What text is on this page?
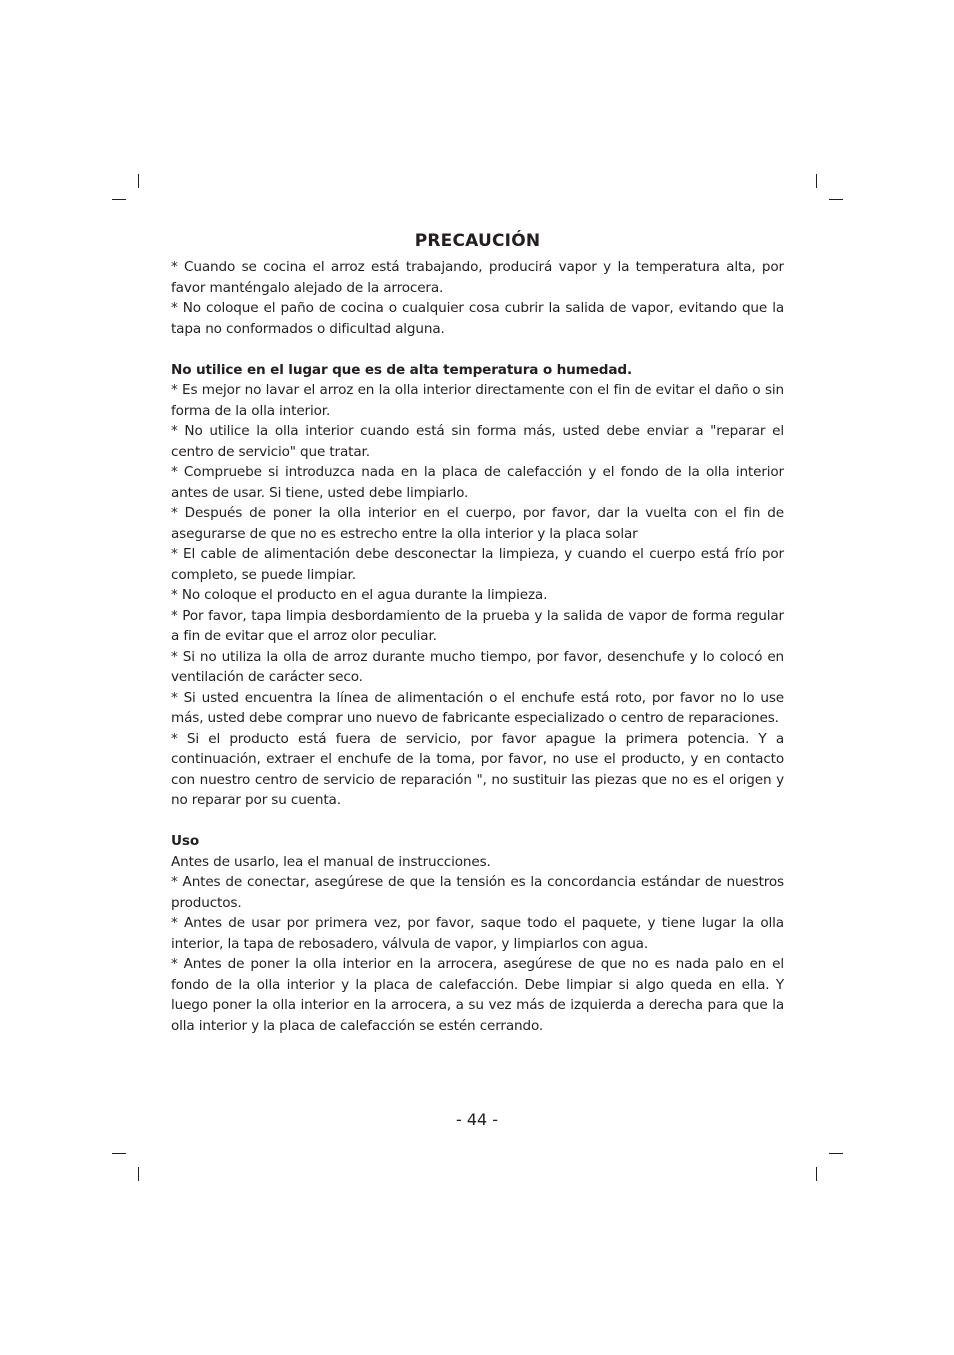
PRECAUCIÓN

* Cuando se cocina el arroz está trabajando, producirá vapor y la temperatura alta, por favor manténgalo alejado de la arrocera.

* No coloque el paño de cocina o cualquier cosa cubrir la salida de vapor, evitando que la tapa no conformados o dificultad alguna.

No utilice en el lugar que es de alta temperatura o humedad.

* Es mejor no lavar el arroz en la olla interior directamente con el fin de evitar el daño o sin forma de la olla interior.

* No utilice la olla interior cuando está sin forma más, usted debe enviar a "reparar el centro de servicio" que tratar.

* Compruebe si introduzca nada en la placa de calefacción y el fondo de la olla interior antes de usar. Si tiene, usted debe limpiarlo.

* Después de poner la olla interior en el cuerpo, por favor, dar la vuelta con el fin de asegurarse de que no es estrecho entre la olla interior y la placa solar

* El cable de alimentación debe desconectar la limpieza, y cuando el cuerpo está frío por completo, se puede limpiar.

* No coloque el producto en el agua durante la limpieza.

* Por favor, tapa limpia desbordamiento de la prueba y la salida de vapor de forma regular a fin de evitar que el arroz olor peculiar.

* Si no utiliza la olla de arroz durante mucho tiempo, por favor, desenchufe y lo colocó en ventilación de carácter seco.

* Si usted encuentra la línea de alimentación o el enchufe está roto, por favor no lo use más, usted debe comprar uno nuevo de fabricante especializado o centro de reparaciones.

* Si el producto está fuera de servicio, por favor apague la primera potencia. Y a continuación, extraer el enchufe de la toma, por favor, no use el producto, y en contacto con nuestro centro de servicio de reparación ", no sustituir las piezas que no es el origen y no reparar por su cuenta.

Uso

Antes de usarlo, lea el manual de instrucciones.

* Antes de conectar, asegúrese de que la tensión es la concordancia estándar de nuestros productos.

* Antes de usar por primera vez, por favor, saque todo el paquete, y tiene lugar la olla interior, la tapa de rebosadero, válvula de vapor, y limpiarlos con agua.

* Antes de poner la olla interior en la arrocera, asegúrese de que no es nada palo en el fondo de la olla interior y la placa de calefacción. Debe limpiar si algo queda en ella. Y luego poner la olla interior en la arrocera, a su vez más de izquierda a derecha para que la olla interior y la placa de calefacción se estén cerrando.

- 44 -
